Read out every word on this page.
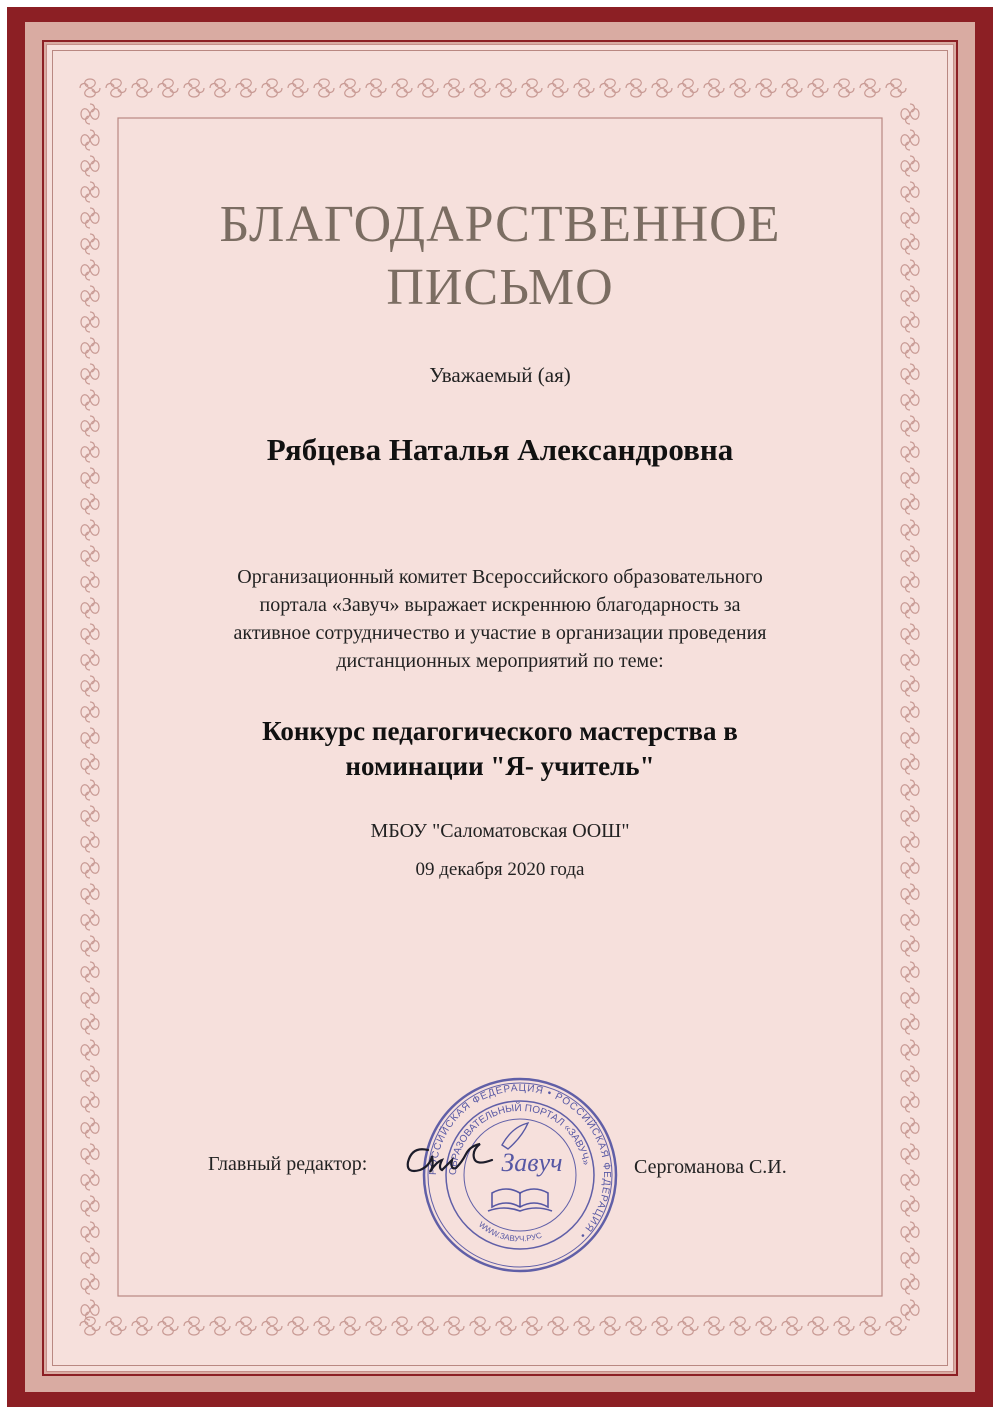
БЛАГОДАРСТВЕННОЕ
ПИСЬМО
Уважаемый (ая)
Рябцева Наталья Александровна
Организационный комитет Всероссийского образовательного
портала «Завуч» выражает искреннюю благодарность за
активное сотрудничество и участие в организации проведения
дистанционных мероприятий по теме:
Конкурс педагогического мастерства в
номинации "Я- учитель"
МБОУ "Саломатовская ООШ"
09 декабря 2020 года
Главный редактор:	РОССИЙСКАЯ ФЕДЕРАЦИЯ • РОССИЙСКАЯ ФЕДЕРАЦИЯ •
ОБРАЗОВАТЕЛЬНЫЙ ПОРТАЛ «ЗАВУЧ»
WWW.ЗАВУЧ.РУС
Завуч	Сергоманова С.И.
